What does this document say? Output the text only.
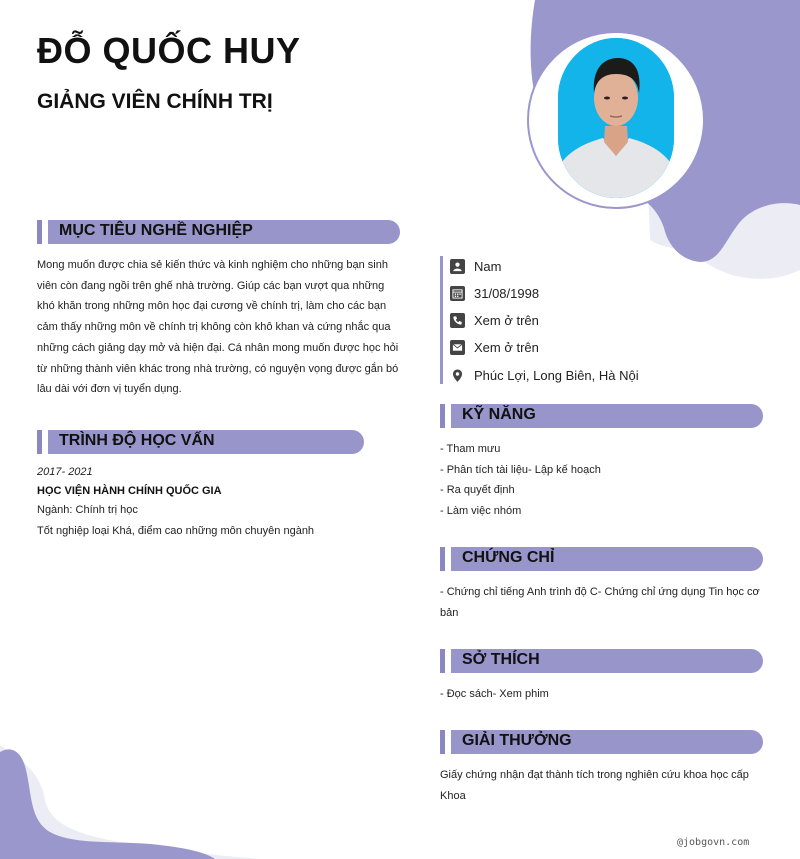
ĐỖ QUỐC HUY
GIẢNG VIÊN CHÍNH TRỊ
MỤC TIÊU NGHỀ NGHIỆP
Mong muốn được chia sẻ kiến thức và kinh nghiệm cho những bạn sinh viên còn đang ngồi trên ghế nhà trường. Giúp các bạn vượt qua những khó khăn trong những môn học đại cương về chính trị, làm cho các bạn cảm thấy những môn về chính trị không còn khô khan và cứng nhắc qua những cách giảng dạy mở và hiện đại. Cá nhân mong muốn được học hỏi từ những thành viên khác trong nhà trường, có nguyện vọng được gắn bó lâu dài với đơn vị tuyển dụng.
TRÌNH ĐỘ HỌC VẤN
2017- 2021
HỌC VIỆN HÀNH CHÍNH QUỐC GIA
Ngành: Chính trị học
Tốt nghiệp loại Khá, điểm cao những môn chuyên ngành
Nam
31/08/1998
Xem ở trên
Xem ở trên
Phúc Lợi, Long Biên, Hà Nội
KỸ NĂNG
- Tham mưu
- Phân tích tài liệu- Lập kế hoạch
- Ra quyết định
- Làm việc nhóm
CHỨNG CHỈ
- Chứng chỉ tiếng Anh trình độ C- Chứng chỉ ứng dụng Tin học cơ bản
SỞ THÍCH
- Đọc sách- Xem phim
GIẢI THƯỞNG
Giấy chứng nhận đạt thành tích trong nghiên cứu khoa học cấp Khoa
@jobgovn.com
